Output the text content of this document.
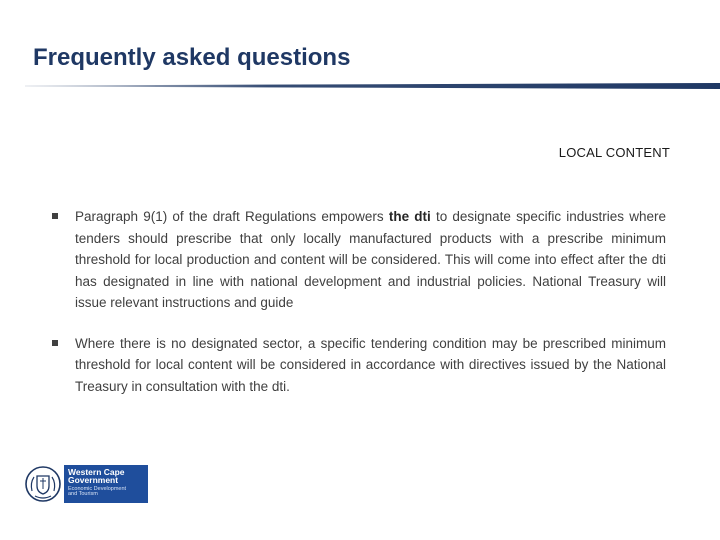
Frequently asked questions
LOCAL CONTENT
Paragraph 9(1) of the draft Regulations empowers the dti to designate specific industries where tenders should prescribe that only locally manufactured products with a prescribe minimum threshold for local production and content will be considered. This will come into effect after the dti has designated in line with national development and industrial policies. National Treasury will issue relevant instructions and guide
Where there is no designated sector, a specific tendering condition may be prescribed minimum threshold for local content will be considered in accordance with directives issued by the National Treasury in consultation with the dti.
Western Cape
Government
Economic Development
and Tourism
